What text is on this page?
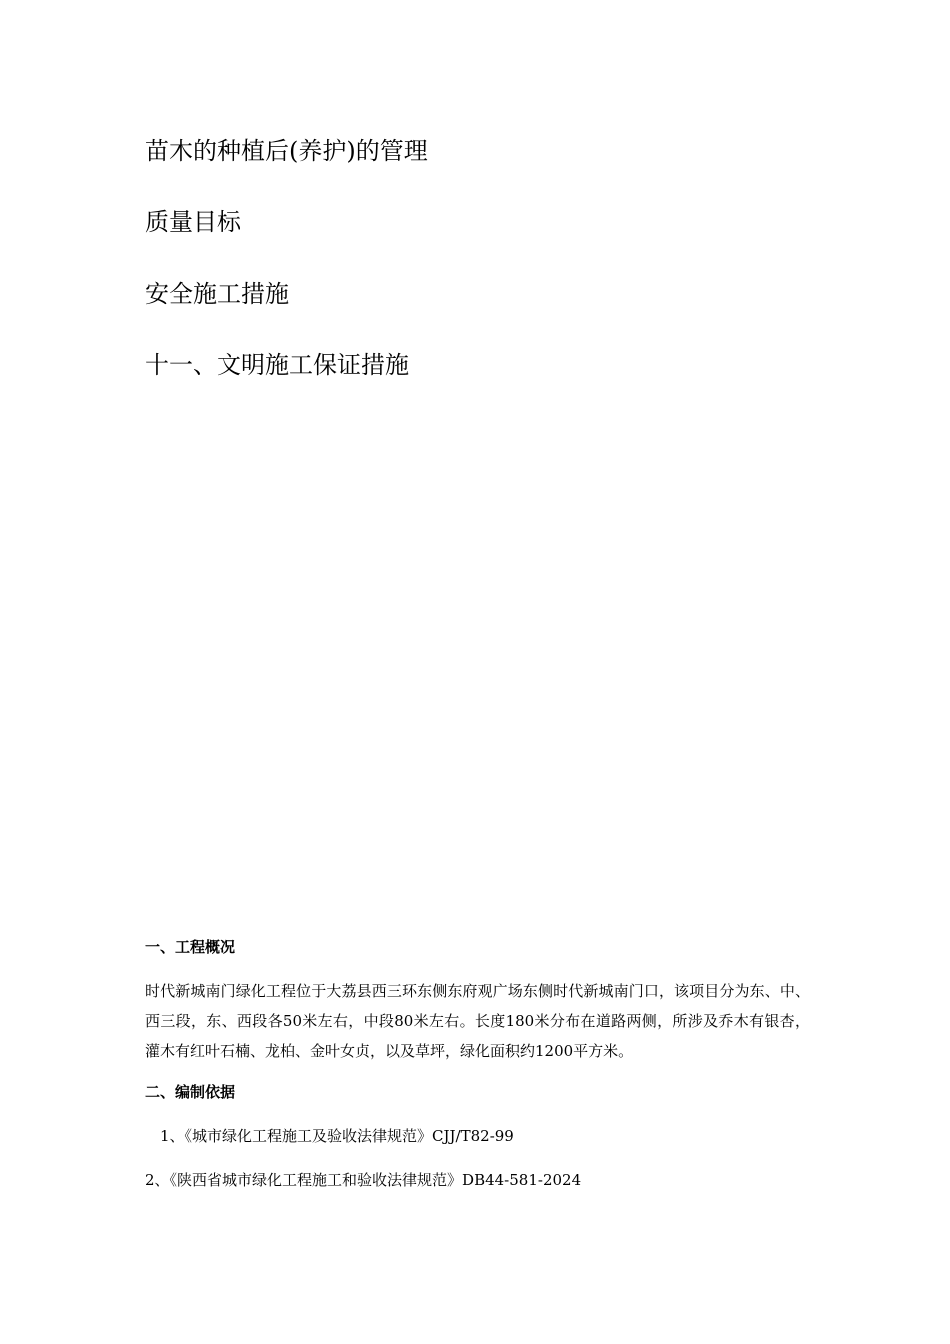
苗木的种植后(养护)的管理
质量目标
安全施工措施
十一、文明施工保证措施
一、工程概况
时代新城南门绿化工程位于大荔县西三环东侧东府观广场东侧时代新城南门口，该项目分为东、中、西三段，东、西段各50米左右，中段80米左右。长度180米分布在道路两侧，所涉及乔木有银杏，灌木有红叶石楠、龙柏、金叶女贞，以及草坪，绿化面积约1200平方米。
二、编制依据
1、《城市绿化工程施工及验收法律规范》CJJ/T82-99
2、《陕西省城市绿化工程施工和验收法律规范》DB44-581-2024
